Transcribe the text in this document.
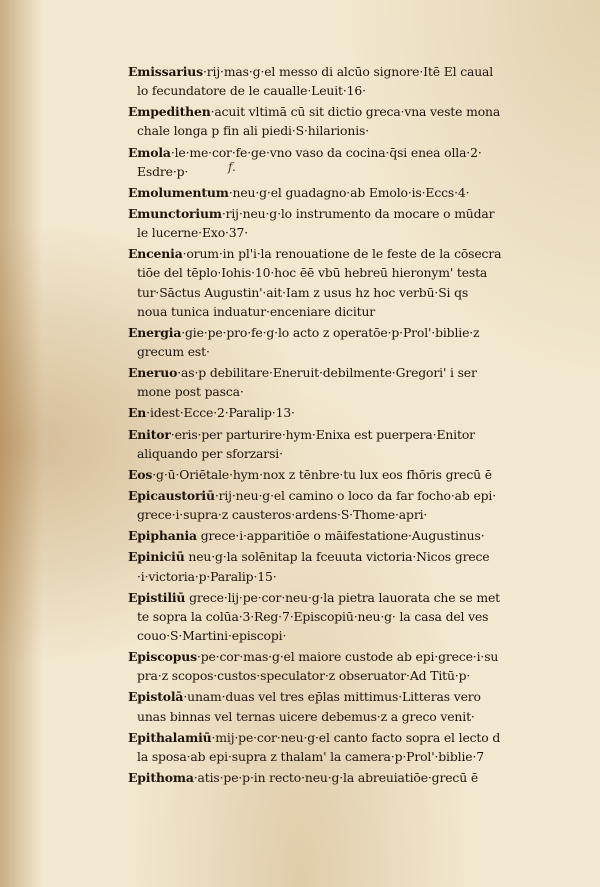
f.
Emissarius·rij·mas·g·el messo di alcūo signore·Itē El caual
lo fecundatore de le caualle·Leuit·16·
Empedithen·acuit vltimā cū sit dictio greca·vna veste mona
chale longa p fin ali piedi·S·hilarionis·
Emola·le·me·cor·fe·ge·vno vaso da cocina·q̄si enea olla·2·
Esdre·p·
Emolumentum·neu·g·el guadagno·ab Emolo·is·Eccs·4·
Emunctorium·rij·neu·g·lo instrumento da mocare o mūdar
le lucerne·Exo·37·
Encenia·orum·in pl'i·la renouatione de le feste de la cōsecra
tiōe del tēplo·Iohis·10·hoc ēē vbū hebreū hieronym' testa
tur·Sāctus Augustin'·ait·Iam z usus hz hoc verbū·Si qs
noua tunica induatur·enceniare dicitur
Energia·gie·pe·pro·fe·g·lo acto z operatōe·p·Prol'·biblie·z
grecum est·
Eneruo·as·p debilitare·Eneruit·debilmente·Gregori' i ser
mone post pasca·
En·idest·Ecce·2·Paralip·13·
Enitor·eris·per parturire·hym·Enixa est puerpera·Enitor
aliquando per sforzarsi·
Eos·g·ū·Oriētale·hym·nox z tēnbre·tu lux eos fhōris grecū ē
Epicaustoriū·rij·neu·g·el camino o loco da far focho·ab epi·
grece·i·supra·z causteros·ardens·S·Thome·apri·
Epiphania grece·i·apparitiōe o māifestatione·Augustinus·
Epiniciū neu·g·la solēnitap la fceuuta victoria·Nicos grece
·i·victoria·p·Paralip·15·
Epistiliū grece·lij·pe·cor·neu·g·la pietra lauorata che se met
te sopra la colūa·3·Reg·7·Episcopiū·neu·g· la casa del ves
couo·S·Martini·episcopi·
Episcopus·pe·cor·mas·g·el maiore custode ab epi·grece·i·su
pra·z scopos·custos·speculator·z obseruator·Ad Titū·p·
Epistolā·unam·duas vel tres ep̄las mittimus·Litteras vero
unas binnas vel ternas uicere debemus·z a greco venit·
Epithalamiū·mij·pe·cor·neu·g·el canto facto sopra el lecto d
la sposa·ab epi·supra z thalam' la camera·p·Prol'·biblie·7
Epithoma·atis·pe·p·in recto·neu·g·la abreuiatiōe·grecū ē
